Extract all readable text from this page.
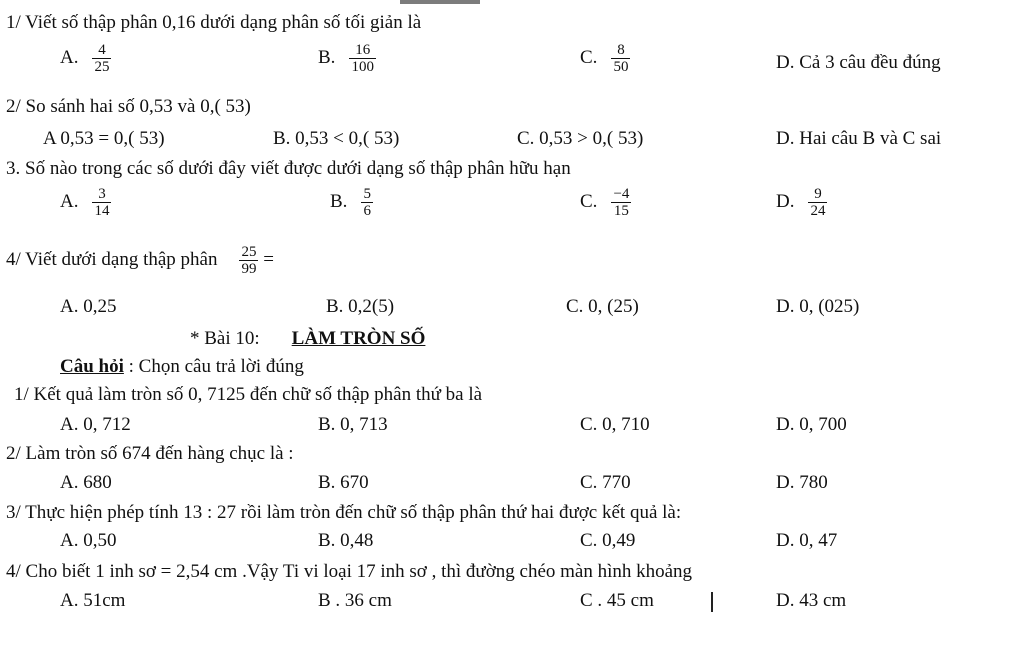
1/ Viết số thập phân 0,16 dưới dạng phân số tối giản là
A. $\frac{4}{25}$	B. $\frac{16}{100}$	C. $\frac{8}{50}$	D. Cả 3 câu đều đúng
2/ So sánh hai số 0,53 và 0,( 53)
A 0,53 = 0,( 53)	B. 0,53 < 0,( 53)	C. 0,53 > 0,( 53)	D. Hai câu B và C sai
3. Số nào trong các số dưới đây viết được dưới dạng số thập phân hữu hạn
A. $\frac{3}{14}$	B. $\frac{5}{6}$	C. $\frac{-4}{15}$	D. $\frac{9}{24}$
4/ Viết dưới dạng thập phân $\frac{25}{99}$ =
A. 0,25	B. 0,2(5)	C. 0, (25)	D. 0, (025)
* Bài 10: LÀM TRÒN SỐ
Câu hỏi : Chọn câu trả lời đúng
1/ Kết quả làm tròn số 0, 7125 đến chữ số thập phân thứ ba là
A. 0, 712	B. 0, 713	C. 0, 710	D. 0, 700
2/ Làm tròn số 674 đến hàng chục là :
A. 680	B. 670	C. 770	D. 780
3/ Thực hiện phép tính 13 : 27 rồi làm tròn đến chữ số thập phân thứ hai được kết quả là:
A. 0,50	B. 0,48	C. 0,49	D. 0, 47
4/ Cho biết 1 inh sơ = 2,54 cm .Vậy Ti vi loại 17 inh sơ , thì đường chéo màn hình khoảng
A. 51cm	B . 36 cm	C . 45 cm	D. 43 cm
